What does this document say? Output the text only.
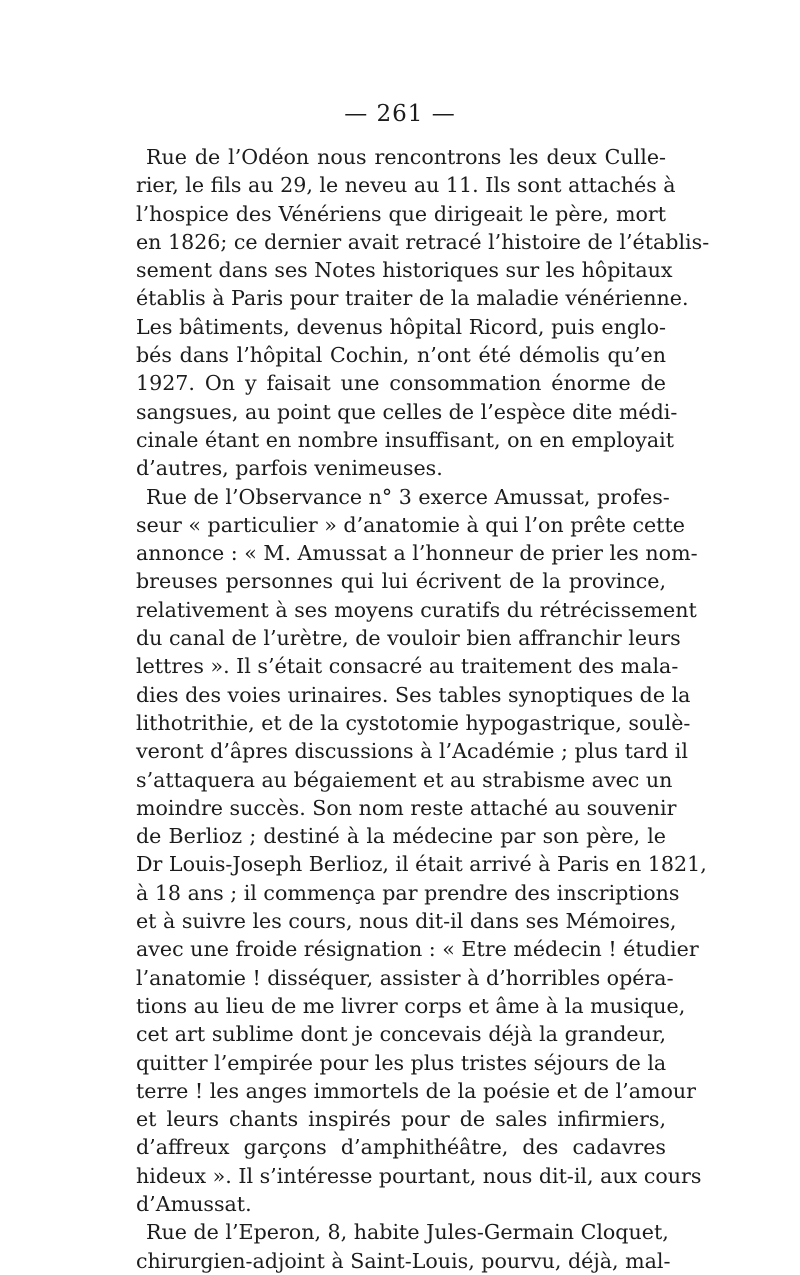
— 261 —
Rue de l’Odéon nous rencontrons les deux Culle-
rier, le fils au 29, le neveu au 11. Ils sont attachés à
l’hospice des Vénériens que dirigeait le père, mort
en 1826; ce dernier avait retracé l’histoire de l’établis-
sement dans ses Notes historiques sur les hôpitaux
établis à Paris pour traiter de la maladie vénérienne.
Les bâtiments, devenus hôpital Ricord, puis englo-
bés dans l’hôpital Cochin, n’ont été démolis qu’en
1927. On y faisait une consommation énorme de
sangsues, au point que celles de l’espèce dite médi-
cinale étant en nombre insuffisant, on en employait
d’autres, parfois venimeuses.
Rue de l’Observance n° 3 exerce Amussat, profes-
seur « particulier » d’anatomie à qui l’on prête cette
annonce : « M. Amussat a l’honneur de prier les nom-
breuses personnes qui lui écrivent de la province,
relativement à ses moyens curatifs du rétrécissement
du canal de l’urètre, de vouloir bien affranchir leurs
lettres ». Il s’était consacré au traitement des mala-
dies des voies urinaires. Ses tables synoptiques de la
lithotrithie, et de la cystotomie hypogastrique, soulè-
veront d’âpres discussions à l’Académie ; plus tard il
s’attaquera au bégaiement et au strabisme avec un
moindre succès. Son nom reste attaché au souvenir
de Berlioz ; destiné à la médecine par son père, le
Dr Louis-Joseph Berlioz, il était arrivé à Paris en 1821,
à 18 ans ; il commença par prendre des inscriptions
et à suivre les cours, nous dit-il dans ses Mémoires,
avec une froide résignation : « Etre médecin ! étudier
l’anatomie ! disséquer, assister à d’horribles opéra-
tions au lieu de me livrer corps et âme à la musique,
cet art sublime dont je concevais déjà la grandeur,
quitter l’empirée pour les plus tristes séjours de la
terre ! les anges immortels de la poésie et de l’amour
et leurs chants inspirés pour de sales infirmiers,
d’affreux garçons d’amphithéâtre, des cadavres
hideux ». Il s’intéresse pourtant, nous dit-il, aux cours
d’Amussat.
Rue de l’Eperon, 8, habite Jules-Germain Cloquet,
chirurgien-adjoint à Saint-Louis, pourvu, déjà, mal-
